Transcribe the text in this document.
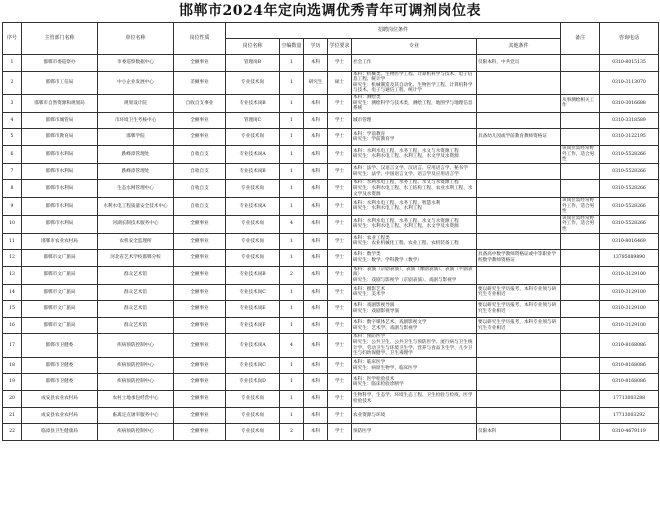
邯郸市2024年定向选调优秀青年可调剂岗位表
序号	主管部门名称	单位名称	岗位性质	招聘岗位条件						备注	咨询电话
				岗位名称	空编数量	学历	学位要求	专业	其他条件		
1	邯郸市委巡察办	市委巡察数据中心	全额事业	管理岗B	1	本科	学士	社会工作	仅限本科，中共党员		0310-8015135
2	邯郸市工信局	中小企业发展中心	差额事业	专业技术岗	1	研究生	硕士	本科：机械类、生物医学工程、计算机科学与技术、电子信息工程、统计学
研究生：机械制造及其自动化、生物医学工程、计算机科学与技术、电子与通信工程、统计学			0310-3113070
3	邯郸市自然资源和规划局	规划设计院	自收自支事业	专业技术岗B	1	本科	学士	本科：测绘类
研究生：测绘科学与技术类，测绘工程，地图学与地理信息系统		从事测绘相关工作	0310-3016688
4	邯郸市城管局	市环境卫生考核中心	全额事业	管理岗C	1	本科	学士	城市管理			0310-3318589
5	邯郸市教育局	邯郸学院	全额事业	专业技术岗	1	本科	学士	本科：学前教育
研究生：学前教育学	具备幼儿园或学前教育教师资格证		0310-3122195
6	邯郸市水利局	跌峰漳管理处	自收自支	专业技术岗A	1	本科	学士	本科：水利水电工程、水务工程、水文与水资源工程
研究生：水利水电工程、水利工程、水文学及水资源		该岗位需经常野外工作，适合男性	0310-5528266
7	邯郸市水利局	跌峰漳管理处	自收自支	专业技术岗B	1	本科	学士	本科：法学、汉语言文学、汉语言、应用语言学、秘书学
研究生：法学、中国语言文学、语言学及应用语言学			0310-5528266
8	邯郸市水利局	生态水网管理中心	自收自支	专业技术岗	1	本科	学士	本科：水利水电工程、水务工程、水文与水资源工程
研究生：水利水电工程、水工结构工程、农业水利工程、水文学及水资源			0310-5528266
9	邯郸市水利局	水利水电工程质量安全技术中心	自收自支	专业技术岗A	1	本科	学士	本科：水利水电工程、水务工程、智慧水利
研究生：水利水电工程、水利工程		该岗位需经常野外工作，适合男性	0310-5528266
10	邯郸市水利局	河湖长制技术服务中心	全额事业	专业技术岗	4	本科	学士	本科：水利水电工程、水务工程、水文与水资源工程
研究生：水利水电工程、水利工程、水文学及水资源		该岗位需经常野外工作，适合男性	0310-5528266
11	邯郸市农业农村局	农机安全监理所	全额事业	专业技术岗	1	本科	学士	本科：农业工程类
研究生：农业机械化工程、农业工程、农机装备工程			0310-8016469
12	邯郸市文广旅局	河北省艺术学校邯郸分校	全额事业	专业技术岗	1	本科	学士	本科：数学类
研究生：数学、学科教学（数学）	具备高中数学教师资格证或中等职业学校数学教师资格证		13785089890
13	邯郸市文广旅局	群众艺术馆	全额事业	专业技术岗B	2	本科	学士	本科：表演（京剧表演）、表演（豫剧表演）、表演（平剧表演）
研究生：戏剧与影视学（京剧表演）、戏剧与影视学			0310-3129100
14	邯郸市文广旅局	群众艺术馆	全额事业	专业技术岗C	1	本科	学士	本科：摄影艺术
研究生：美术学	要以研究生学历报考，本科专业须与研究生专业相近		0310-3129100
15	邯郸市文广旅局	群众艺术馆	全额事业	专业技术岗E	1	本科	学士	本科：戏剧影视导演
研究生：戏剧影视导演	要以研究生学历报考，本科专业须与研究生专业相近		0310-3129100
16	邯郸市文广旅局	群众艺术馆	全额事业	专业技术岗F	1	本科	学士	本科：数字媒体艺术、戏剧影视文学
研究生：艺术学、戏剧与影视学	要以研究生学历报考，本科专业须与研究生专业相近		0310-3129100
17	邯郸市卫健委	疾病预防控制中心	全额事业	专业技术岗A	4	本科	学士	本科：预防医学
研究生：公共卫生、公共卫生与预防医学、流行病与卫生统计学、劳动卫生与环境卫生学、营养与食品卫生学、儿少卫生与妇幼保健学、卫生毒理学			0310-8168086
18	邯郸市卫健委	疾病预防控制中心	全额事业	专业技术岗C	1	本科	学士	本科：临床医学
研究生：病原生物学、临床医学			0310-8168086
19	邯郸市卫健委	疾病预防控制中心	全额事业	专业技术岗D	1	本科	学士	本科：医学检验技术
研究生：临床检验诊断学			0310-8168086
20	成安县农业农村局	农村土地承包经营中心	全额事业	专业技术岗	1	本科	学士	生物科学、生态学、环境生态工程、卫生检验与检疫、医学检验技术			17713003288
21	成安县农业农村局	畜禽定点屠宰服务中心	全额事业	专业技术岗	1	本科	学士	农业资源与环境			17713003292
22	临漳县卫生健康局	疾病预防控制中心	全额事业	专业技术岗	2	本科	学士	预防医学	仅限本科		0310-4679119
